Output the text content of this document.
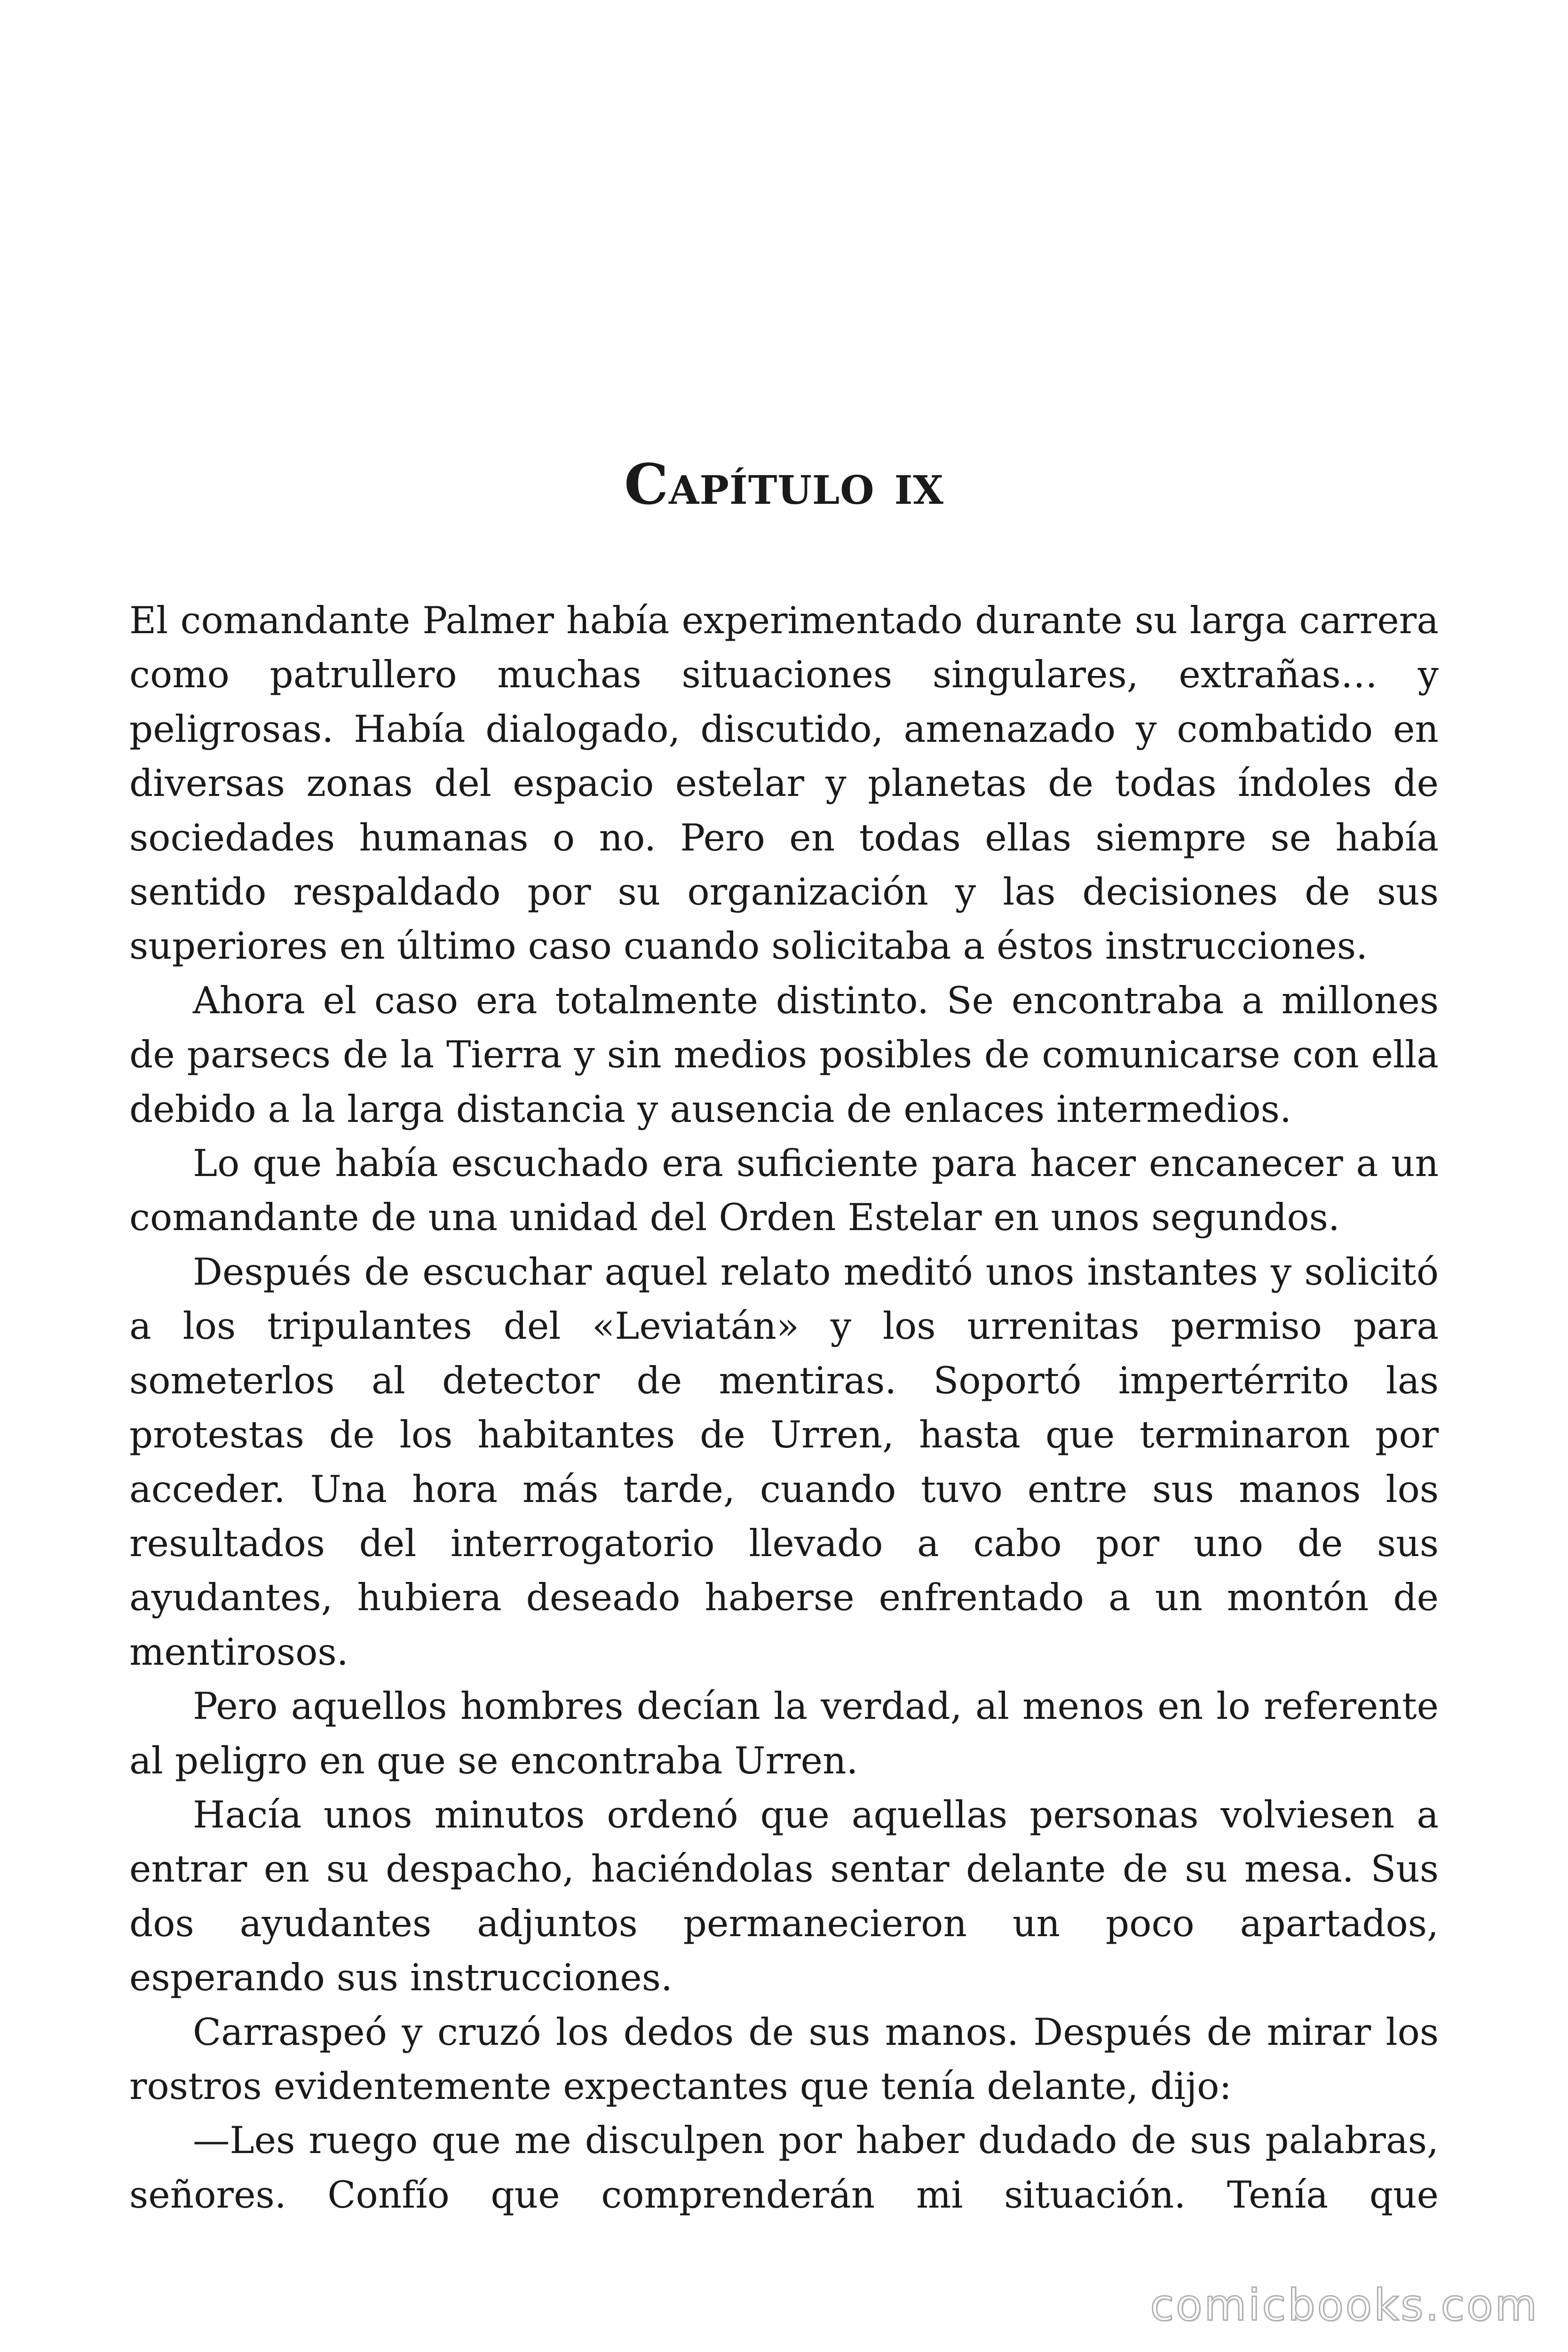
Capítulo ix

El comandante Palmer había experimentado durante su larga carrera como patrullero muchas situaciones singulares, extrañas… y peligrosas. Había dialogado, discutido, amenazado y combatido en diversas zonas del espacio estelar y planetas de todas índoles de sociedades humanas o no. Pero en todas ellas siempre se había sentido respaldado por su organización y las decisiones de sus superiores en último caso cuando solicitaba a éstos instrucciones.

Ahora el caso era totalmente distinto. Se encontraba a millones de parsecs de la Tierra y sin medios posibles de comunicarse con ella debido a la larga distancia y ausencia de enlaces intermedios.

Lo que había escuchado era suficiente para hacer encanecer a un comandante de una unidad del Orden Estelar en unos segundos.

Después de escuchar aquel relato meditó unos instantes y solicitó a los tripulantes del «Leviatán» y los urrenitas permiso para someterlos al detector de mentiras. Soportó impertérrito las protestas de los habitantes de Urren, hasta que terminaron por acceder. Una hora más tarde, cuando tuvo entre sus manos los resultados del interrogatorio llevado a cabo por uno de sus ayudantes, hubiera deseado haberse enfrentado a un montón de mentirosos.

Pero aquellos hombres decían la verdad, al menos en lo referente al peligro en que se encontraba Urren.

Hacía unos minutos ordenó que aquellas personas volviesen a entrar en su despacho, haciéndolas sentar delante de su mesa. Sus dos ayudantes adjuntos permanecieron un poco apartados, esperando sus instrucciones.

Carraspeó y cruzó los dedos de sus manos. Después de mirar los rostros evidentemente expectantes que tenía delante, dijo:

—Les ruego que me disculpen por haber dudado de sus palabras, señores. Confío que comprenderán mi situación. Tenía que

comicbooks.com
